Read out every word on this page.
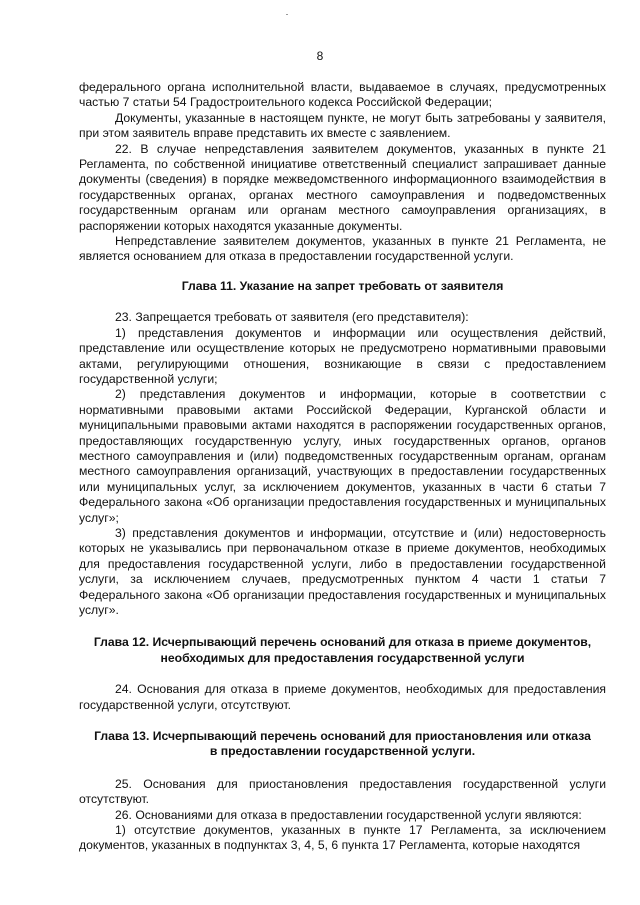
8

федерального органа исполнительной власти, выдаваемое в случаях, предусмотренных частью 7 статьи 54 Градостроительного кодекса Российской Федерации;

Документы, указанные в настоящем пункте, не могут быть затребованы у заявителя, при этом заявитель вправе представить их вместе с заявлением.

22. В случае непредставления заявителем документов, указанных в пункте 21 Регламента, по собственной инициативе ответственный специалист запрашивает данные документы (сведения) в порядке межведомственного информационного взаимодействия в государственных органах, органах местного самоуправления и подведомственных государственным органам или органам местного самоуправления организациях, в распоряжении которых находятся указанные документы.

Непредставление заявителем документов, указанных в пункте 21 Регламента, не является основанием для отказа в предоставлении государственной услуги.

Глава 11. Указание на запрет требовать от заявителя

23. Запрещается требовать от заявителя (его представителя):

1) представления документов и информации или осуществления действий, представление или осуществление которых не предусмотрено нормативными правовыми актами, регулирующими отношения, возникающие в связи с предоставлением государственной услуги;

2) представления документов и информации, которые в соответствии с нормативными правовыми актами Российской Федерации, Курганской области и муниципальными правовыми актами находятся в распоряжении государственных органов, предоставляющих государственную услугу, иных государственных органов, органов местного самоуправления и (или) подведомственных государственным органам, органам местного самоуправления организаций, участвующих в предоставлении государственных или муниципальных услуг, за исключением документов, указанных в части 6 статьи 7 Федерального закона «Об организации предоставления государственных и муниципальных услуг»;

3) представления документов и информации, отсутствие и (или) недостоверность которых не указывались при первоначальном отказе в приеме документов, необходимых для предоставления государственной услуги, либо в предоставлении государственной услуги, за исключением случаев, предусмотренных пунктом 4 части 1 статьи 7 Федерального закона «Об организации предоставления государственных и муниципальных услуг».

Глава 12. Исчерпывающий перечень оснований для отказа в приеме документов,
необходимых для предоставления государственной услуги

24. Основания для отказа в приеме документов, необходимых для предоставления государственной услуги, отсутствуют.

Глава 13. Исчерпывающий перечень оснований для приостановления или отказа
в предоставлении государственной услуги.

25. Основания для приостановления предоставления государственной услуги отсутствуют.

26. Основаниями для отказа в предоставлении государственной услуги являются:

1) отсутствие документов, указанных в пункте 17 Регламента, за исключением документов, указанных в подпунктах 3, 4, 5, 6 пункта 17 Регламента, которые находятся
